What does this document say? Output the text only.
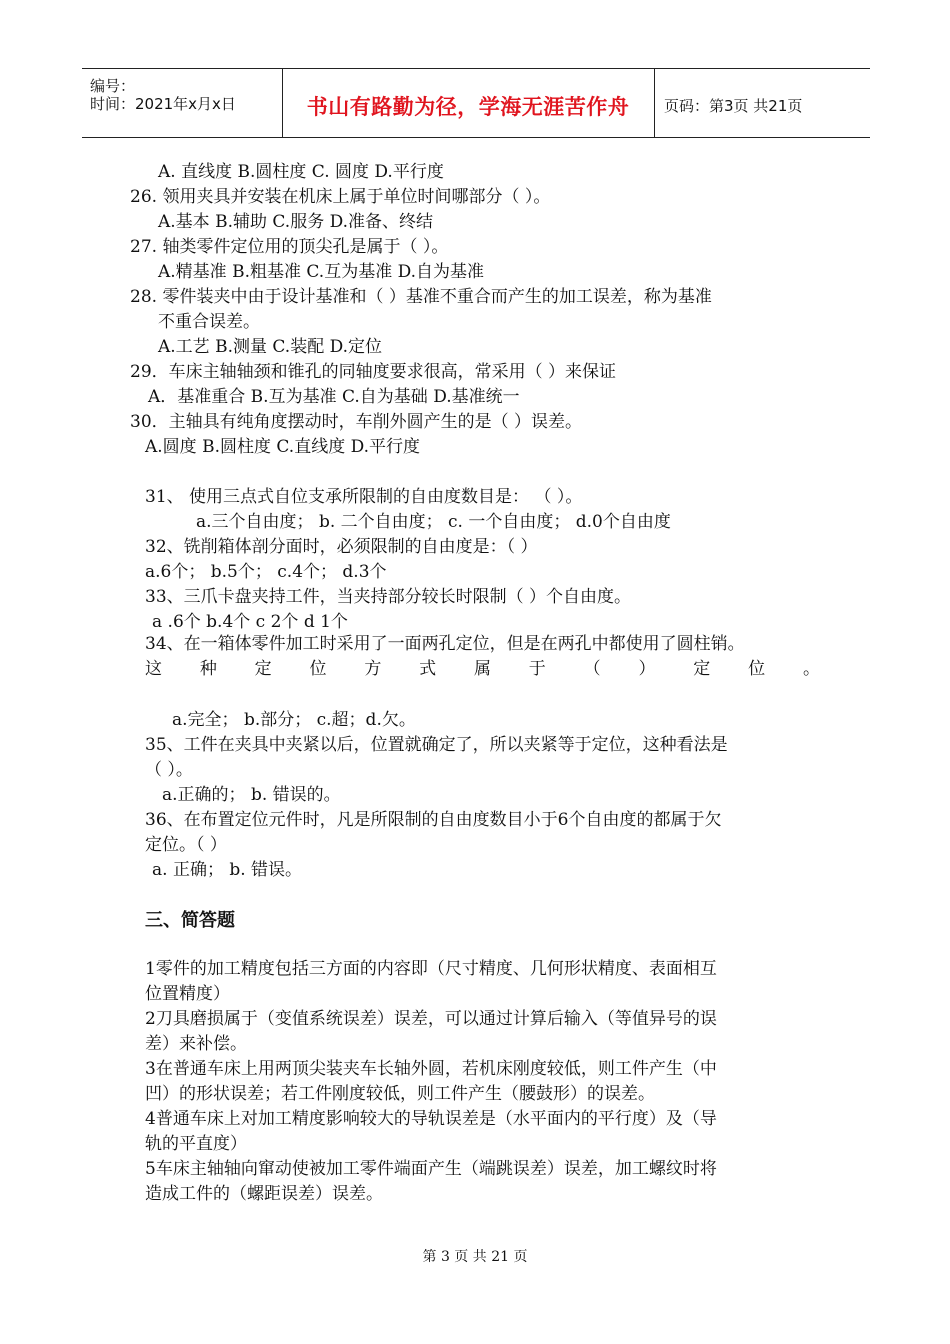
编号：
时间：2021年x月x日	书山有路勤为径，学海无涯苦作舟	页码：第3页 共21页
A. 直线度 B.圆柱度 C. 圆度 D.平行度
26. 领用夹具并安装在机床上属于单位时间哪部分（ ）。
A.基本 B.辅助 C.服务 D.准备、终结
27. 轴类零件定位用的顶尖孔是属于（ ）。
A.精基准 B.粗基准 C.互为基准 D.自为基准
28. 零件装夹中由于设计基准和（ ）基准不重合而产生的加工误差，称为基准
不重合误差。
A.工艺 B.测量 C.装配 D.定位
29．车床主轴轴颈和锥孔的同轴度要求很高，常采用（ ）来保证
A．基准重合 B.互为基准 C.自为基础 D.基准统一
30．主轴具有纯角度摆动时，车削外圆产生的是（ ）误差。
A.圆度 B.圆柱度 C.直线度 D.平行度
31、 使用三点式自位支承所限制的自由度数目是： （ ）。
a.三个自由度； b. 二个自由度； c. 一个自由度； d.0个自由度
32、铣削箱体剖分面时，必须限制的自由度是：（ ）
a.6个； b.5个； c.4个； d.3个
33、三爪卡盘夹持工件，当夹持部分较长时限制（ ）个自由度。
a .6个 b.4个 c 2个 d 1个
34、在一箱体零件加工时采用了一面两孔定位，但是在两孔中都使用了圆柱销。
这 种 定 位 方 式 属 于 （ ） 定 位 。
a.完全； b.部分； c.超；d.欠。
35、工件在夹具中夹紧以后，位置就确定了，所以夹紧等于定位，这种看法是
（ ）。
a.正确的； b. 错误的。
36、在布置定位元件时，凡是所限制的自由度数目小于6个自由度的都属于欠
定位。（ ）
a. 正确； b. 错误。
三、简答题
1零件的加工精度包括三方面的内容即（尺寸精度、几何形状精度、表面相互
位置精度）
2刀具磨损属于（变值系统误差）误差，可以通过计算后输入（等值异号的误
差）来补偿。
3在普通车床上用两顶尖装夹车长轴外圆，若机床刚度较低，则工件产生（中
凹）的形状误差；若工件刚度较低，则工件产生（腰鼓形）的误差。
4普通车床上对加工精度影响较大的导轨误差是（水平面内的平行度）及（导
轨的平直度）
5车床主轴轴向窜动使被加工零件端面产生（端跳误差）误差，加工螺纹时将
造成工件的（螺距误差）误差。
第 3 页 共 21 页
